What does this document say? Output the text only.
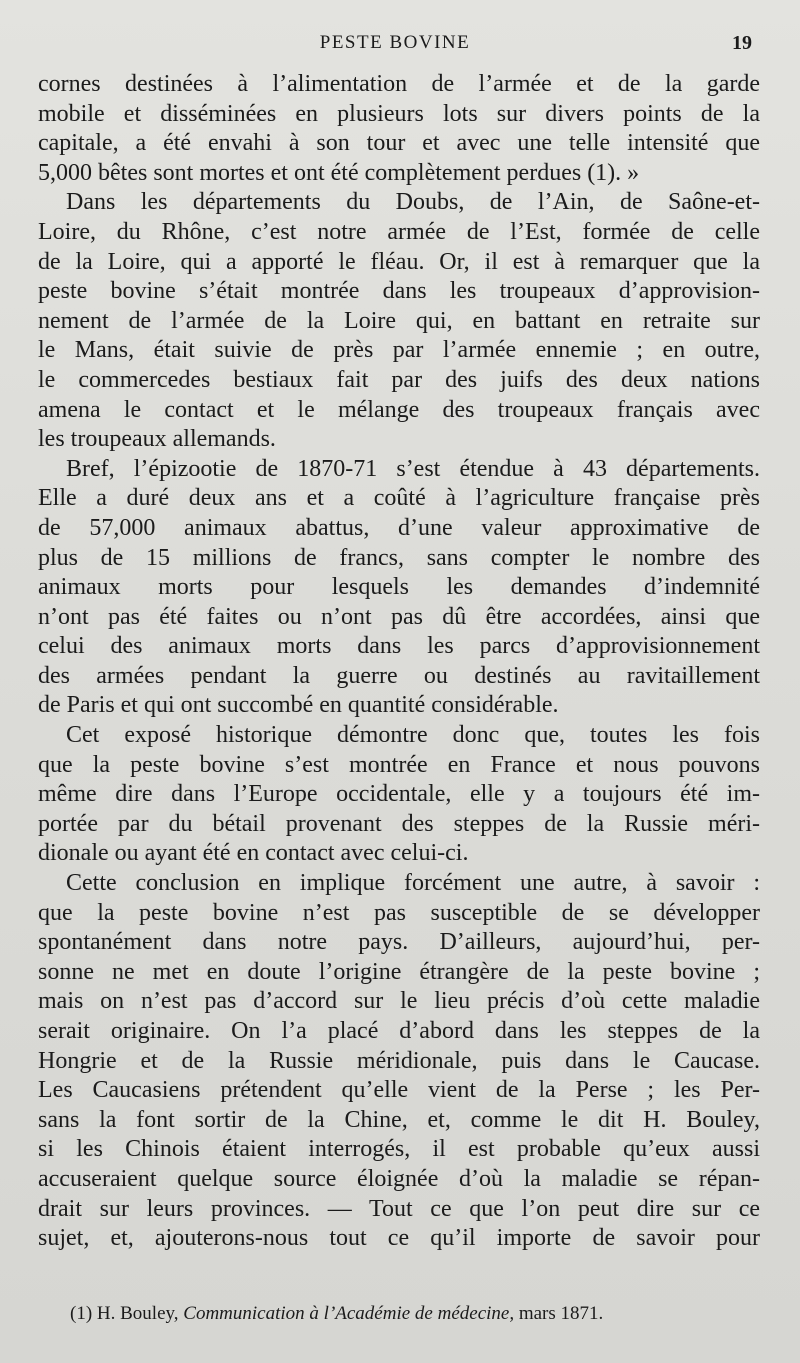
PESTE BOVINE	19
cornes destinées à l’alimentation de l’armée et de la garde
mobile et disséminées en plusieurs lots sur divers points de la
capitale, a été envahi à son tour et avec une telle intensité que
5,000 bêtes sont mortes et ont été complètement perdues (1). »
Dans les départements du Doubs, de l’Ain, de Saône-et-
Loire, du Rhône, c’est notre armée de l’Est, formée de celle
de la Loire, qui a apporté le fléau. Or, il est à remarquer que la
peste bovine s’était montrée dans les troupeaux d’approvision-
nement de l’armée de la Loire qui, en battant en retraite sur
le Mans, était suivie de près par l’armée ennemie ; en outre,
le commercedes bestiaux fait par des juifs des deux nations
amena le contact et le mélange des troupeaux français avec
les troupeaux allemands.
Bref, l’épizootie de 1870-71 s’est étendue à 43 départements.
Elle a duré deux ans et a coûté à l’agriculture française près
de 57,000 animaux abattus, d’une valeur approximative de
plus de 15 millions de francs, sans compter le nombre des
animaux morts pour lesquels les demandes d’indemnité
n’ont pas été faites ou n’ont pas dû être accordées, ainsi que
celui des animaux morts dans les parcs d’approvisionnement
des armées pendant la guerre ou destinés au ravitaillement
de Paris et qui ont succombé en quantité considérable.
Cet exposé historique démontre donc que, toutes les fois
que la peste bovine s’est montrée en France et nous pouvons
même dire dans l’Europe occidentale, elle y a toujours été im-
portée par du bétail provenant des steppes de la Russie méri-
dionale ou ayant été en contact avec celui-ci.
Cette conclusion en implique forcément une autre, à savoir :
que la peste bovine n’est pas susceptible de se développer
spontanément dans notre pays. D’ailleurs, aujourd’hui, per-
sonne ne met en doute l’origine étrangère de la peste bovine ;
mais on n’est pas d’accord sur le lieu précis d’où cette maladie
serait originaire. On l’a placé d’abord dans les steppes de la
Hongrie et de la Russie méridionale, puis dans le Caucase.
Les Caucasiens prétendent qu’elle vient de la Perse ; les Per-
sans la font sortir de la Chine, et, comme le dit H. Bouley,
si les Chinois étaient interrogés, il est probable qu’eux aussi
accuseraient quelque source éloignée d’où la maladie se répan-
drait sur leurs provinces. — Tout ce que l’on peut dire sur ce
sujet, et, ajouterons-nous tout ce qu’il importe de savoir pour
(1) H. Bouley, Communication à l’Académie de médecine, mars 1871.
